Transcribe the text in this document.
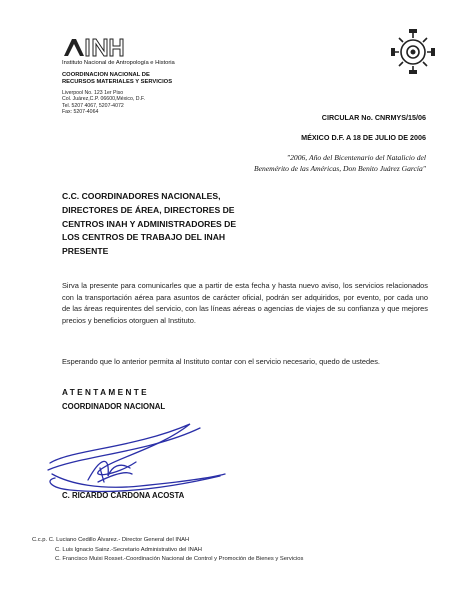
Instituto Nacional de Antropología e Historia
COORDINACION NACIONAL DE
RECURSOS MATERIALES Y SERVICIOS
Liverpool No. 123 1er Piso
Col. Juárez,C.P. 06600,México, D.F.
Tel. 5207 4067, 5207-4072
Fax: 5207-4064
CIRCULAR No. CNRMYS/15/06
MÉXICO D.F. A 18 DE JULIO DE 2006
"2006, Año del Bicentenario del Natalicio del
Benemérito de las Américas, Don Benito Juárez García"
C.C. COORDINADORES NACIONALES,
DIRECTORES DE ÁREA, DIRECTORES DE
CENTROS INAH Y ADMINISTRADORES DE
LOS CENTROS DE TRABAJO DEL INAH
PRESENTE
Sirva la presente para comunicarles que a partir de esta fecha y hasta nuevo aviso, los servicios relacionados con la transportación aérea para asuntos de carácter oficial, podrán ser adquiridos, por evento, por cada uno de las áreas requirentes del servicio, con las líneas aéreas o agencias de viajes de su confianza y que mejores precios y beneficios otorguen al Instituto.
Esperando que lo anterior permita al Instituto contar con el servicio necesario, quedo de ustedes.
ATENTAMENTE
COORDINADOR NACIONAL
C. RICARDO CARDONA ACOSTA
C.c.p. C. Luciano Cedillo Álvarez.- Director General del INAH
C. Luis Ignacio Sainz.-Secretario Administrativo del INAH
C. Francisco Muixi Rosset.-Coordinación Nacional de Control y Promoción de Bienes y Servicios
